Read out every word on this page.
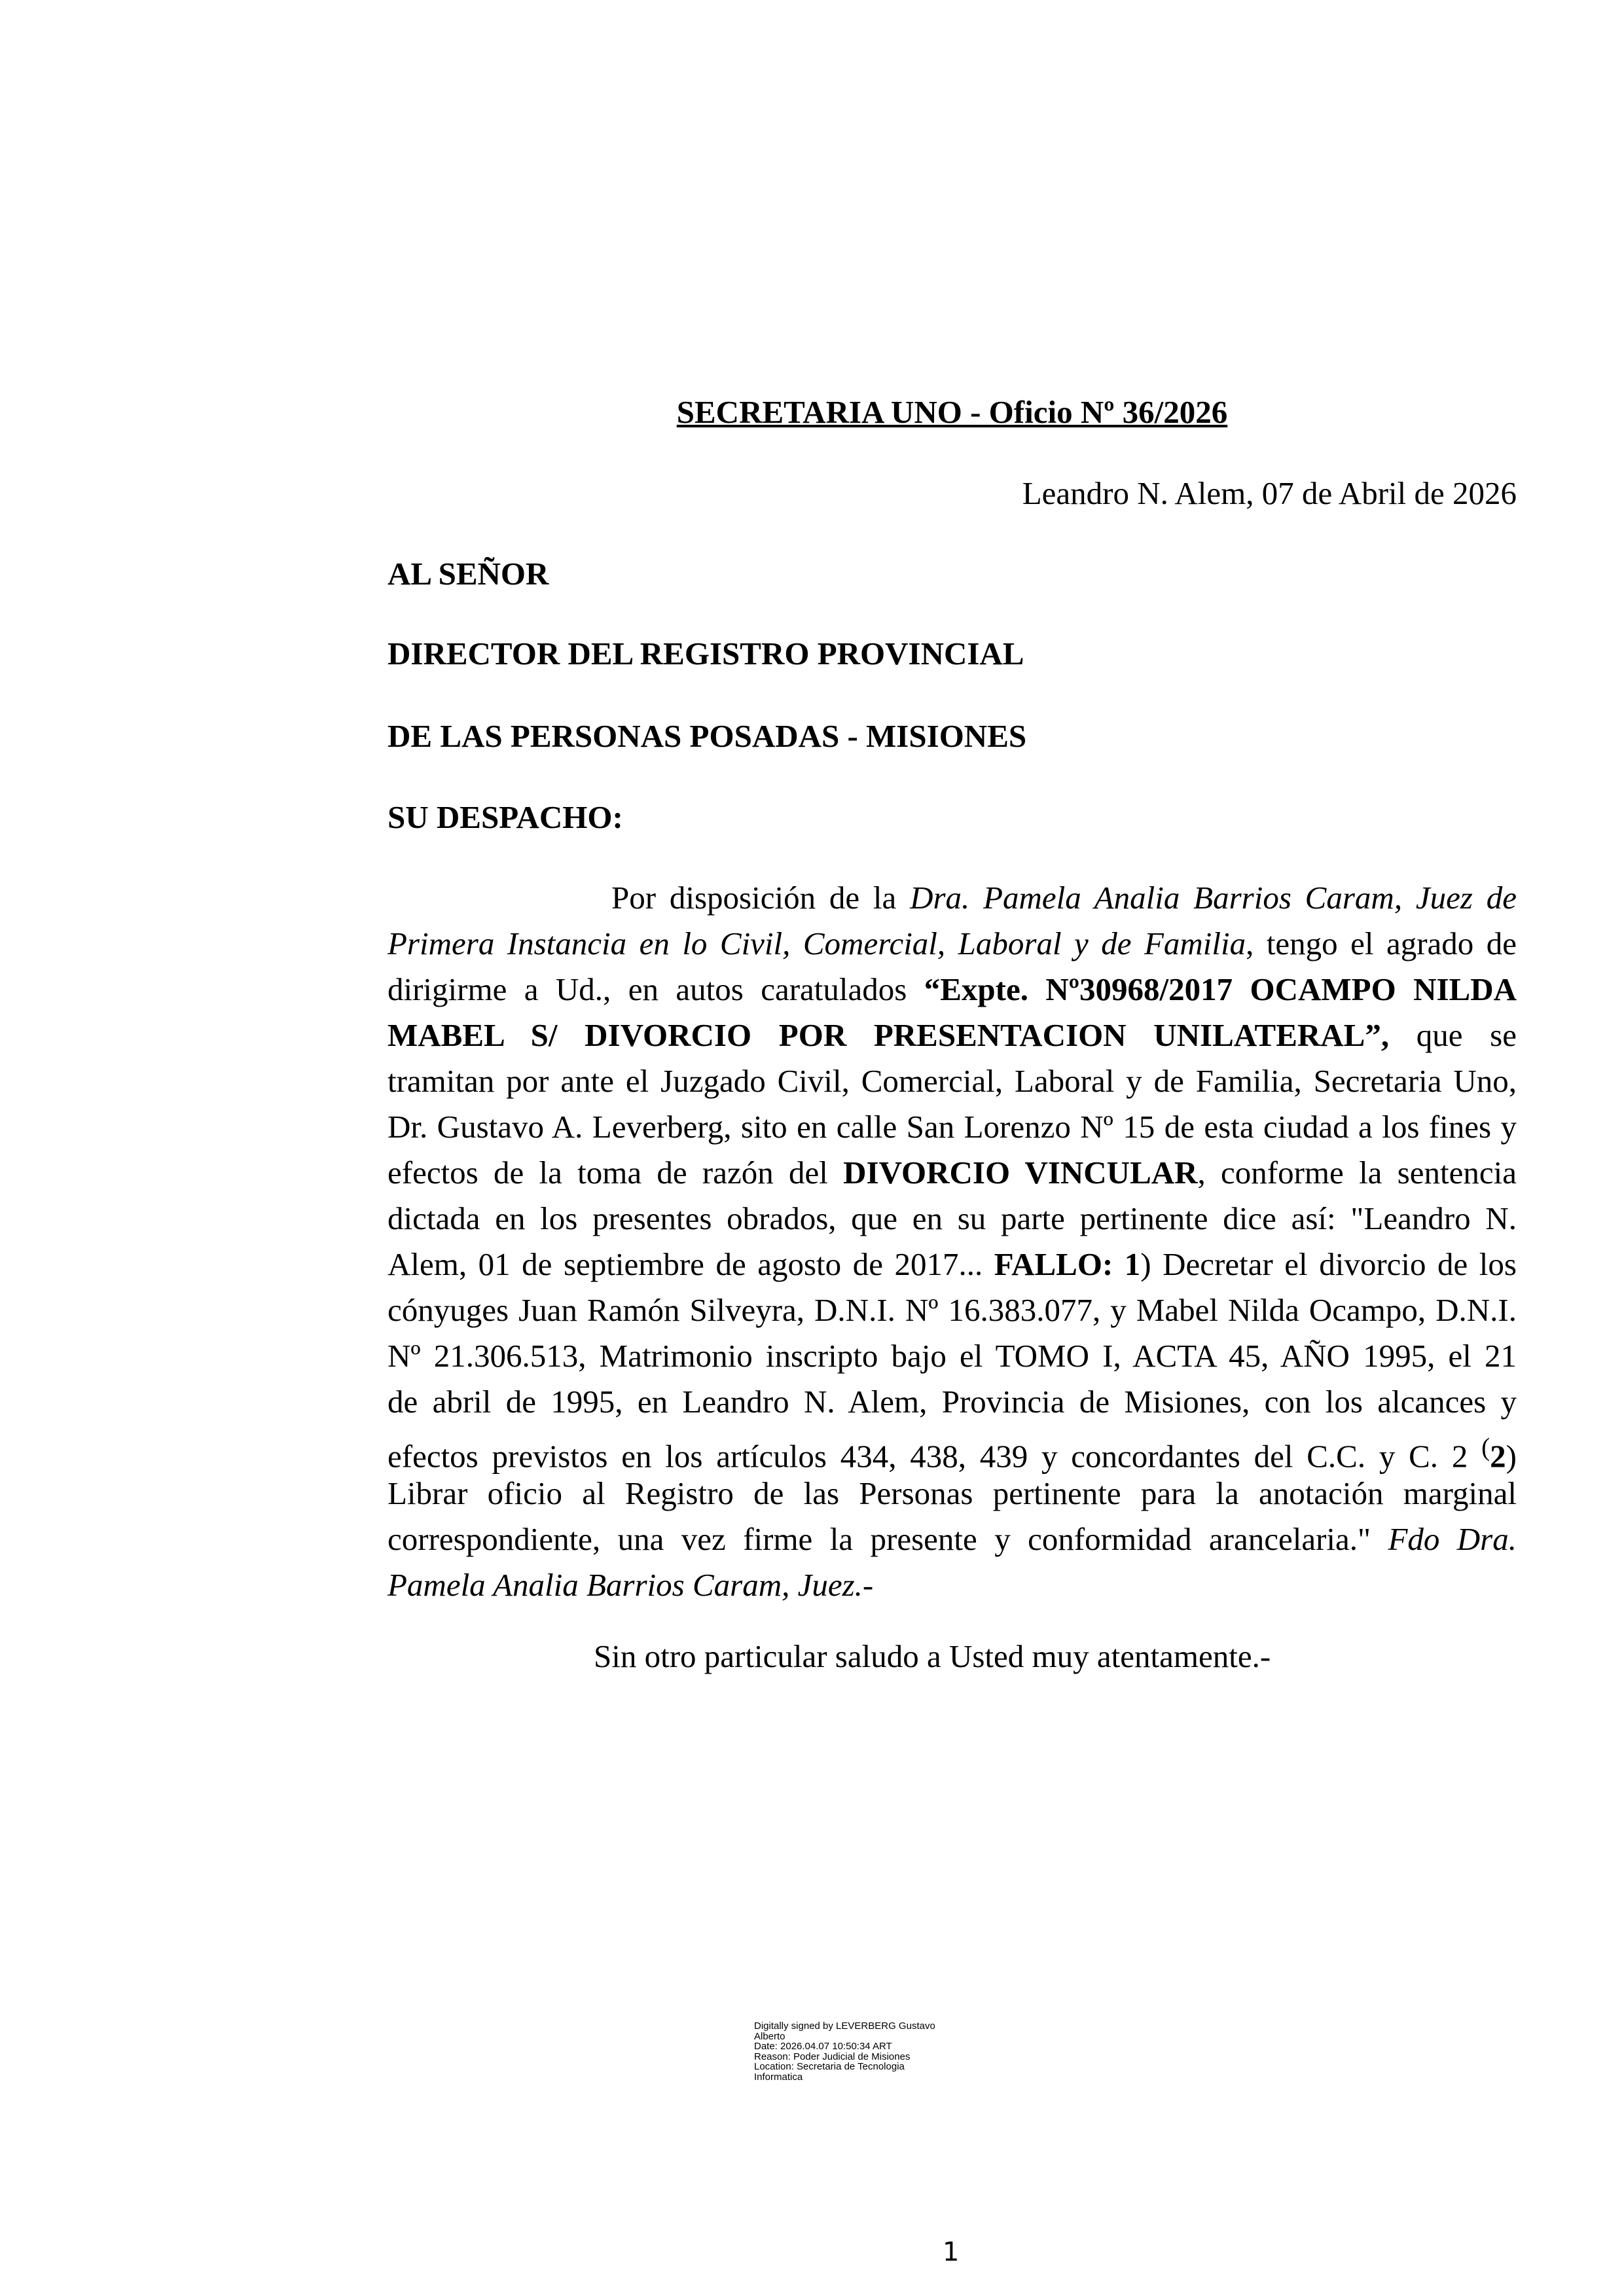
SECRETARIA UNO - Oficio Nº 36/2026
Leandro N. Alem, 07 de Abril de 2026
AL SEÑOR
DIRECTOR DEL REGISTRO PROVINCIAL
DE LAS PERSONAS POSADAS - MISIONES
SU DESPACHO:
Por disposición de la Dra. Pamela Analia Barrios Caram, Juez de
Primera Instancia en lo Civil, Comercial, Laboral y de Familia, tengo el agrado de
dirigirme a Ud., en autos caratulados “Expte. Nº30968/2017 OCAMPO NILDA
MABEL S/ DIVORCIO POR PRESENTACION UNILATERAL”, que se
tramitan por ante el Juzgado Civil, Comercial, Laboral y de Familia, Secretaria Uno,
Dr. Gustavo A. Leverberg, sito en calle San Lorenzo Nº 15 de esta ciudad a los fines y
efectos de la toma de razón del DIVORCIO VINCULAR, conforme la sentencia
dictada en los presentes obrados, que en su parte pertinente dice así: "Leandro N.
Alem, 01 de septiembre de agosto de 2017... FALLO: 1) Decretar el divorcio de los
cónyuges Juan Ramón Silveyra, D.N.I. Nº 16.383.077, y Mabel Nilda Ocampo, D.N.I.
Nº 21.306.513, Matrimonio inscripto bajo el TOMO I, ACTA 45, AÑO 1995, el 21
de abril de 1995, en Leandro N. Alem, Provincia de Misiones, con los alcances y
efectos previstos en los artículos 434, 438, 439 y concordantes del C.C. y C. 2 (2)
Librar oficio al Registro de las Personas pertinente para la anotación marginal
correspondiente, una vez firme la presente y conformidad arancelaria." Fdo Dra.
Pamela Analia Barrios Caram, Juez.-
Sin otro particular saludo a Usted muy atentamente.-
Digitally signed by LEVERBERG Gustavo
Alberto
Date: 2026.04.07 10:50:34 ART
Reason: Poder Judicial de Misiones
Location: Secretaria de Tecnologia
Informatica
1
